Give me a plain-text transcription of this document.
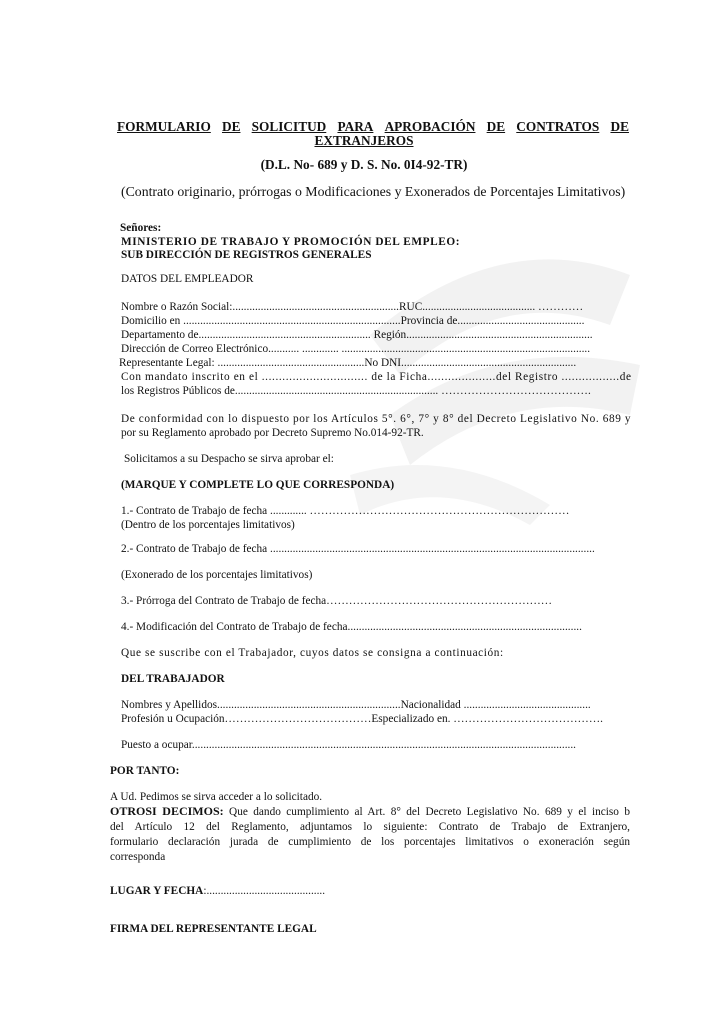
FORMULARIO DE SOLICITUD PARA APROBACIÓN DE CONTRATOS DE
EXTRANJEROS
(D.L. No- 689 y D. S. No. 0I4-92-TR)
(Contrato originario, prórrogas o Modificaciones y Exonerados de Porcentajes Limitativos)
Señores:
MINISTERIO DE TRABAJO Y PROMOCIÓN DEL EMPLEO:
SUB DIRECCIÓN DE REGISTROS GENERALES
DATOS DEL EMPLEADOR
Nombre o Razón Social:...........................................................RUC........................................ …………
Domicilio en .............................................................................Provincia de.............................................
Departamento de............................................................. Región..................................................................
Dirección de Correo Electrónico........... ............. ........................................................................................
Representante Legal: ....................................................No DNI..............................................................
Con mandato inscrito en el ............................... de la Ficha....................del Registro .................de
los Registros Públicos de........................................................................ ………………………………….
De conformidad con lo dispuesto por los Artículos 5°. 6°, 7° y 8° del Decreto Legislativo No. 689 y
por su Reglamento aprobado por Decreto Supremo No.014-92-TR.
Solicitamos a su Despacho se sirva aprobar el:
(MARQUE Y COMPLETE LO QUE CORRESPONDA)
1.- Contrato de Trabajo de fecha ............. ……………………………………………………………
(Dentro de los porcentajes limitativos)
2.- Contrato de Trabajo de fecha ...................................................................................................................
(Exonerado de los porcentajes limitativos)
3.- Prórroga del Contrato de Trabajo de fecha……………………………………………………
4.- Modificación del Contrato de Trabajo de fecha...................................................................................
Que se suscribe con el Trabajador, cuyos datos se consigna a continuación:
DEL TRABAJADOR
Nombres y Apellidos.................................................................Nacionalidad .............................................
Profesión u Ocupación…………………………………Especializado en. ………………………………….
Puesto a ocupar........................................................................................................................................
POR TANTO:
A Ud. Pedimos se sirva acceder a lo solicitado.
OTROSI DECIMOS: Que dando cumplimiento al Art. 8° del Decreto Legislativo No. 689 y el inciso b
del Artículo 12 del Reglamento, adjuntamos lo siguiente: Contrato de Trabajo de Extranjero,
formulario declaración jurada de cumplimiento de los porcentajes limitativos o exoneración según
corresponda
LUGAR Y FECHA:..........................................
FIRMA DEL REPRESENTANTE LEGAL
